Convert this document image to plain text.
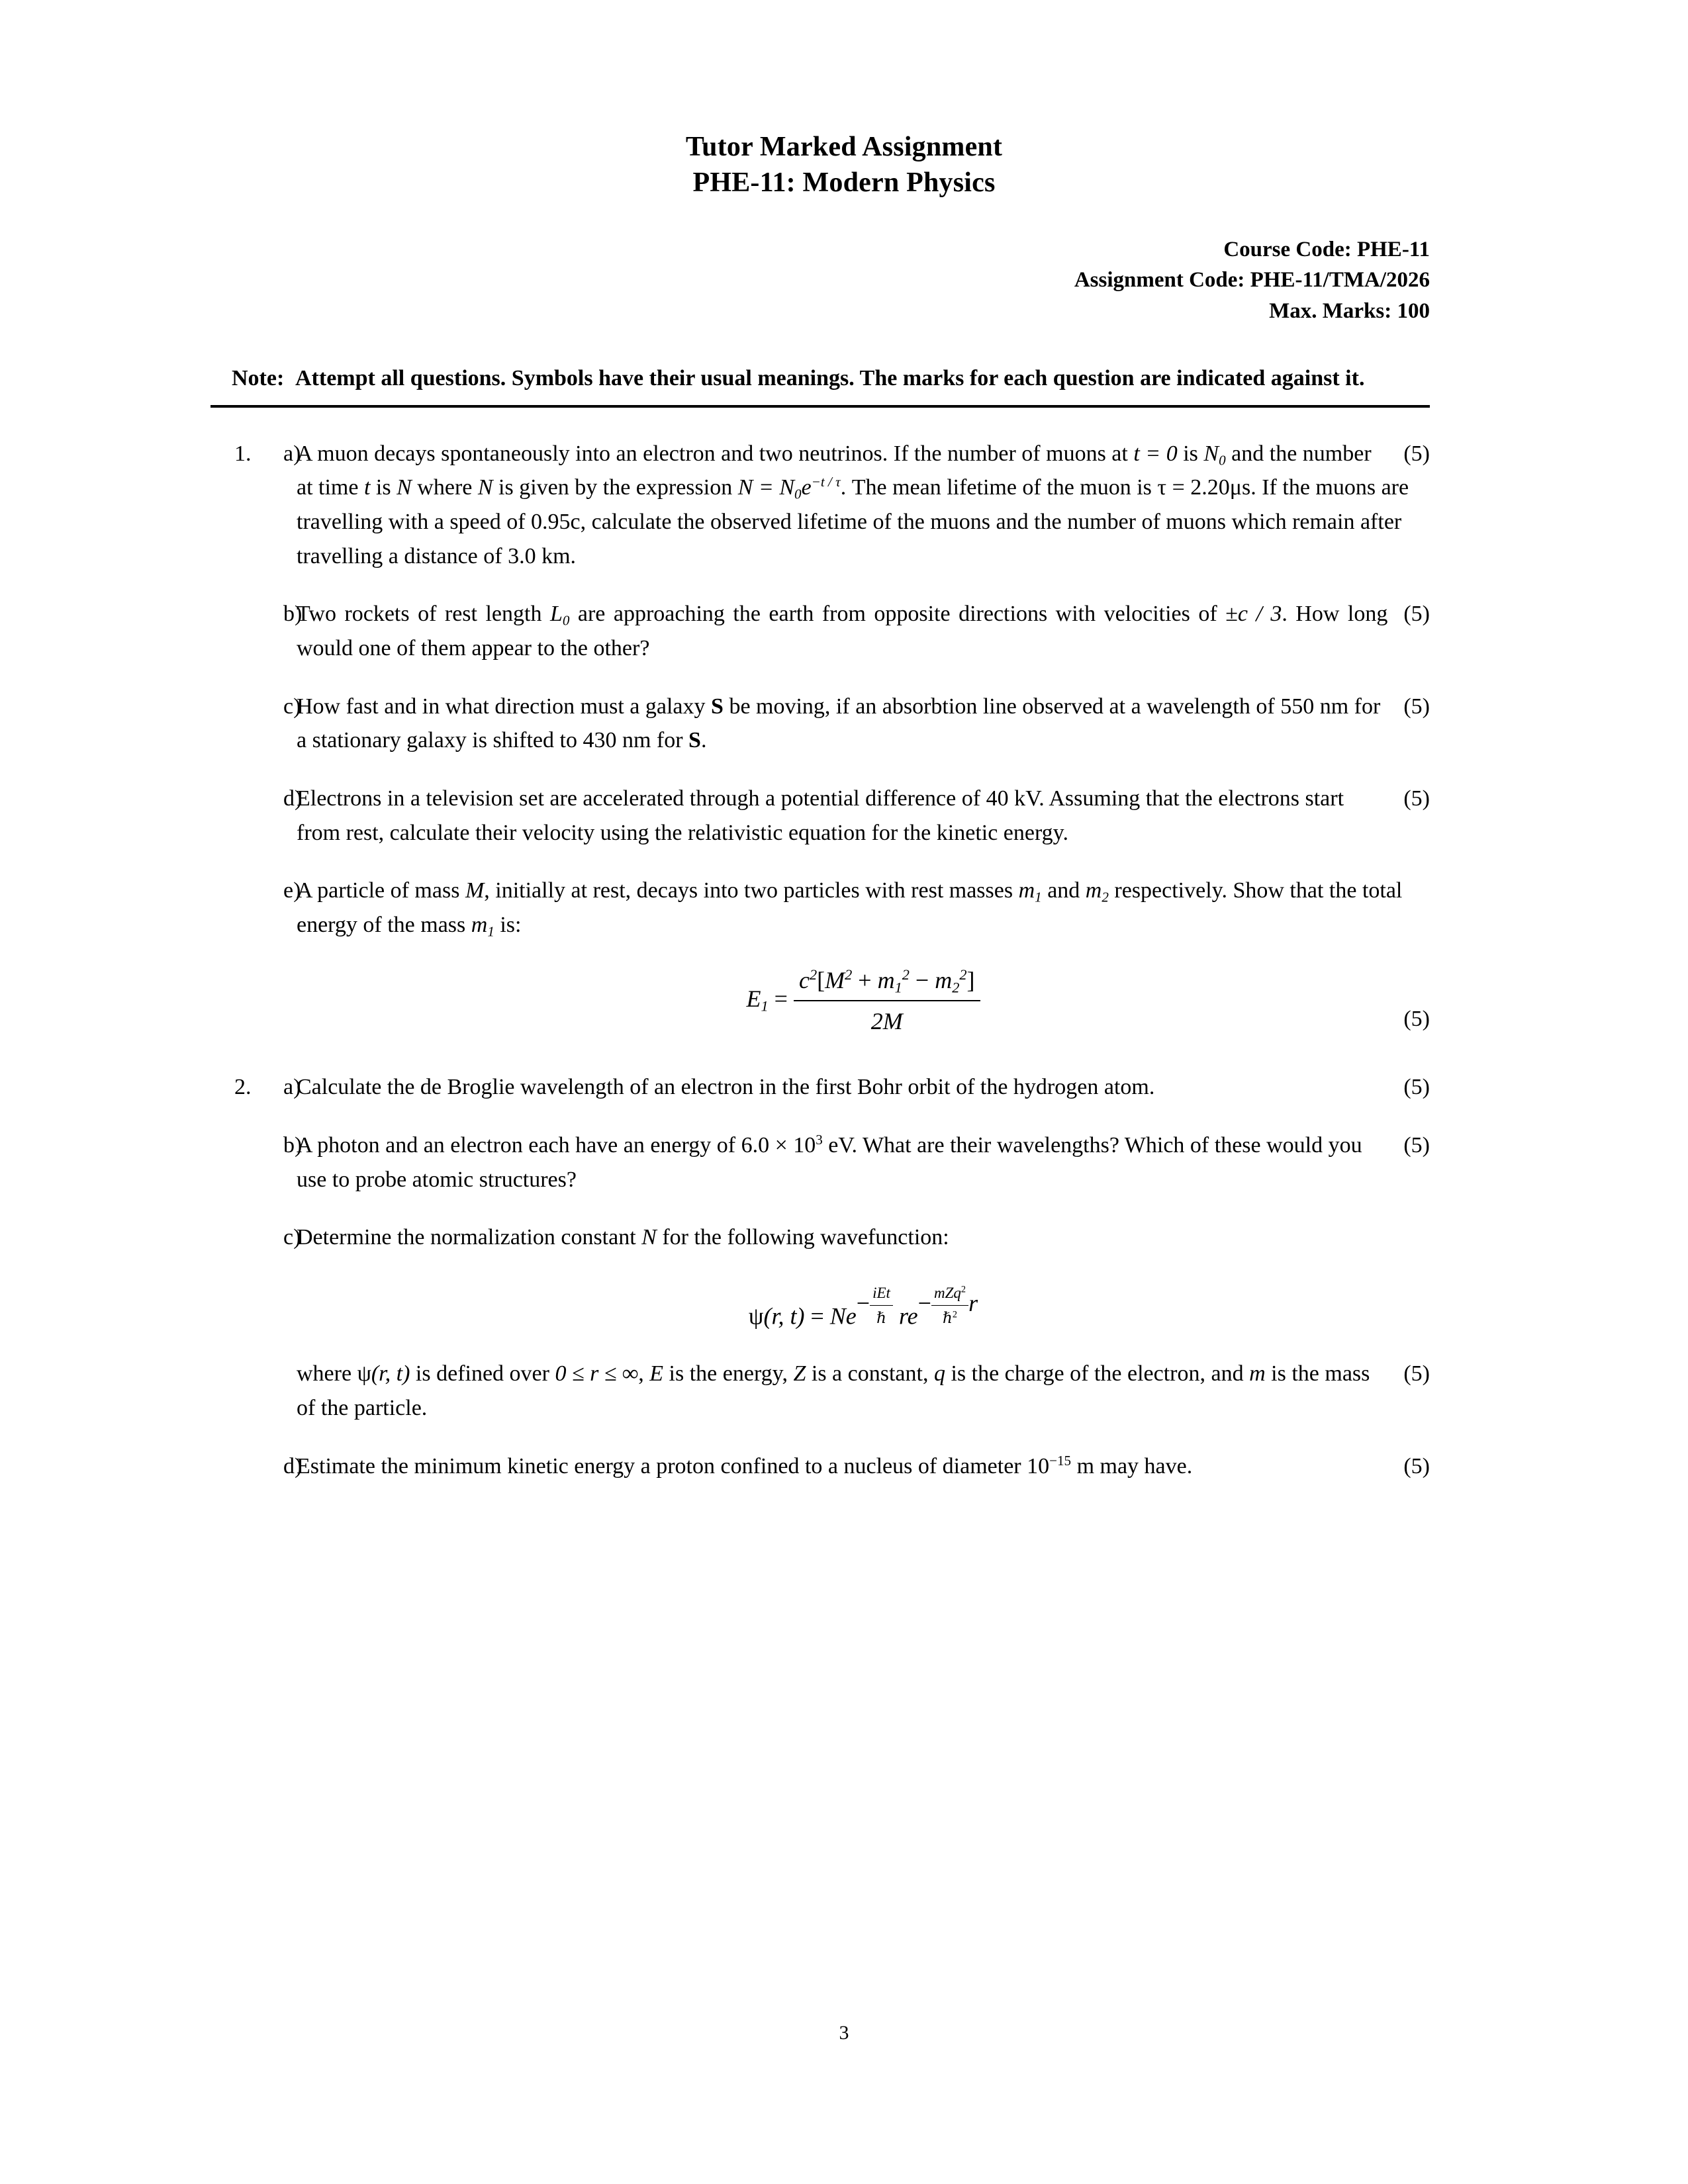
Tutor Marked Assignment
PHE-11: Modern Physics
Course Code: PHE-11
Assignment Code: PHE-11/TMA/2026
Max. Marks: 100
Note: Attempt all questions. Symbols have their usual meanings. The marks for each question are indicated against it.
1.	a)	(5)
A muon decays spontaneously into an electron and two neutrinos. If the number of muons at t = 0 is $N_0$ and the number at time t is N where N is given by the expression $N = N_0e^{-t / \tau}$. The mean lifetime of the muon is τ = 2.20μs. If the muons are travelling with a speed of 0.95c, calculate the observed lifetime of the muons and the number of muons which remain after travelling a distance of 3.0 km.
b)	(5)
Two rockets of rest length $L_0$ are approaching the earth from opposite directions with velocities of ±c / 3. How long would one of them appear to the other?
c)	(5)
How fast and in what direction must a galaxy S be moving, if an absorbtion line observed at a wavelength of 550 nm for a stationary galaxy is shifted to 430 nm for S.
d)	(5)
Electrons in a television set are accelerated through a potential difference of 40 kV. Assuming that the electrons start from rest, calculate their velocity using the relativistic equation for the kinetic energy.
e)
A particle of mass M, initially at rest, decays into two particles with rest masses $m_1$ and $m_2$ respectively. Show that the total energy of the mass $m_1$ is:
$E_1 = \frac{c^2[M^2 + m_1^2 - m_2^2]}{2M}$	(5)
2.	a)	(5)
Calculate the de Broglie wavelength of an electron in the first Bohr orbit of the hydrogen atom.
b)	(5)
A photon and an electron each have an energy of $6.0 \times 10^3$ eV. What are their wavelengths? Which of these would you use to probe atomic structures?
c)
Determine the normalization constant N for the following wavefunction:
ψ(r, $t) = Ne- \frac{\text{iEt}}{\text{ℏ}} re- \frac{mZq^2}{\hbar^2}$ r
(5)
where ψ(r, t) is defined over 0 ≤ r ≤ ∞, E is the energy, Z is a constant, q is the charge of the electron, and m is the mass of the particle.
d)	(5)
Estimate the minimum kinetic energy a proton confined to a nucleus of diameter $10^{-15}$ m may have.
3
